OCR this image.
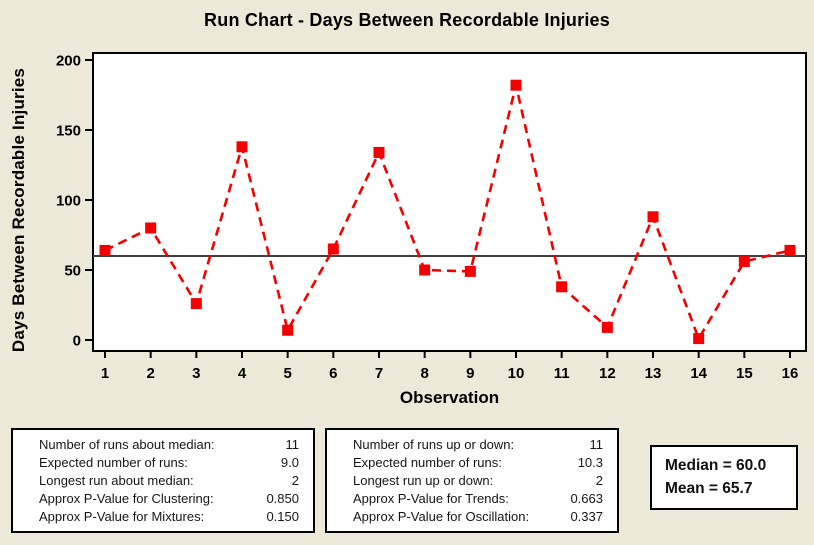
Run Chart - Days Between Recordable Injuries
Days Between Recordable Injuries	0
50
100
150
200
1 2 3 4 5 6 7 8 9 10 11 12 13 14 15 16
Observation
Number of runs about median:	11
Expected number of runs:	9.0
Longest run about median:	2
Approx P-Value for Clustering:	0.850
Approx P-Value for Mixtures:	0.150
Number of runs up or down:	11
Expected number of runs:	10.3
Longest run up or down:	2
Approx P-Value for Trends:	0.663
Approx P-Value for Oscillation:	0.337
Median = 60.0
Mean = 65.7
